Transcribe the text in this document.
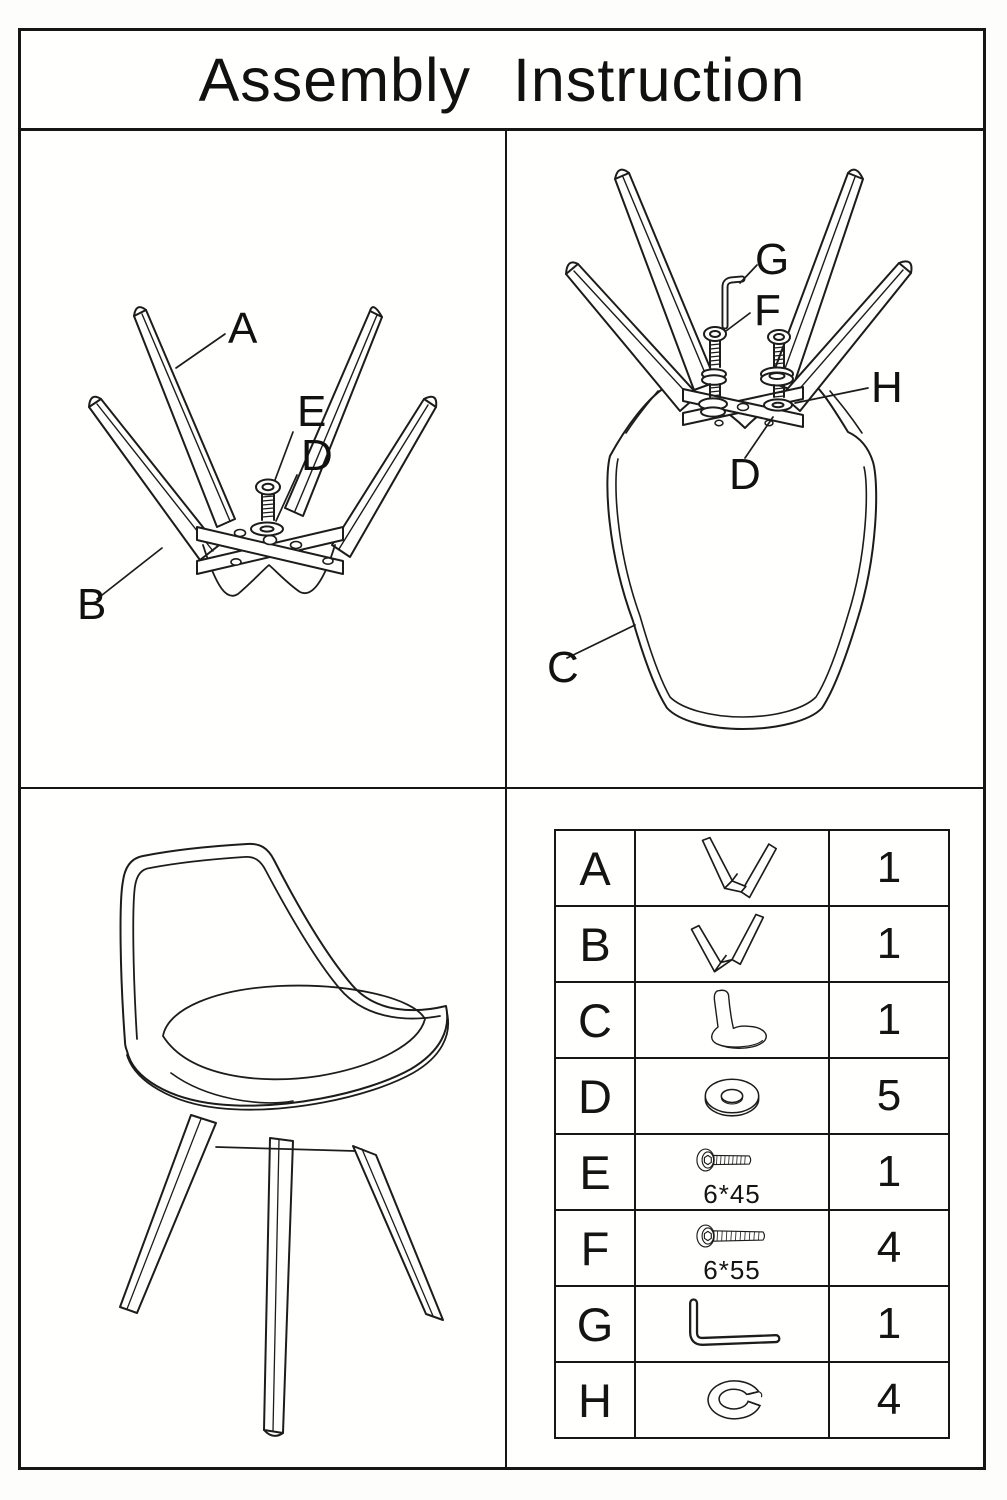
Assembly Instruction
A
E
D
B
G
F
H
D
C
A	1
B	1
C	1
D	5
E	6*45	1
F	6*55	4
G	1
H	4
